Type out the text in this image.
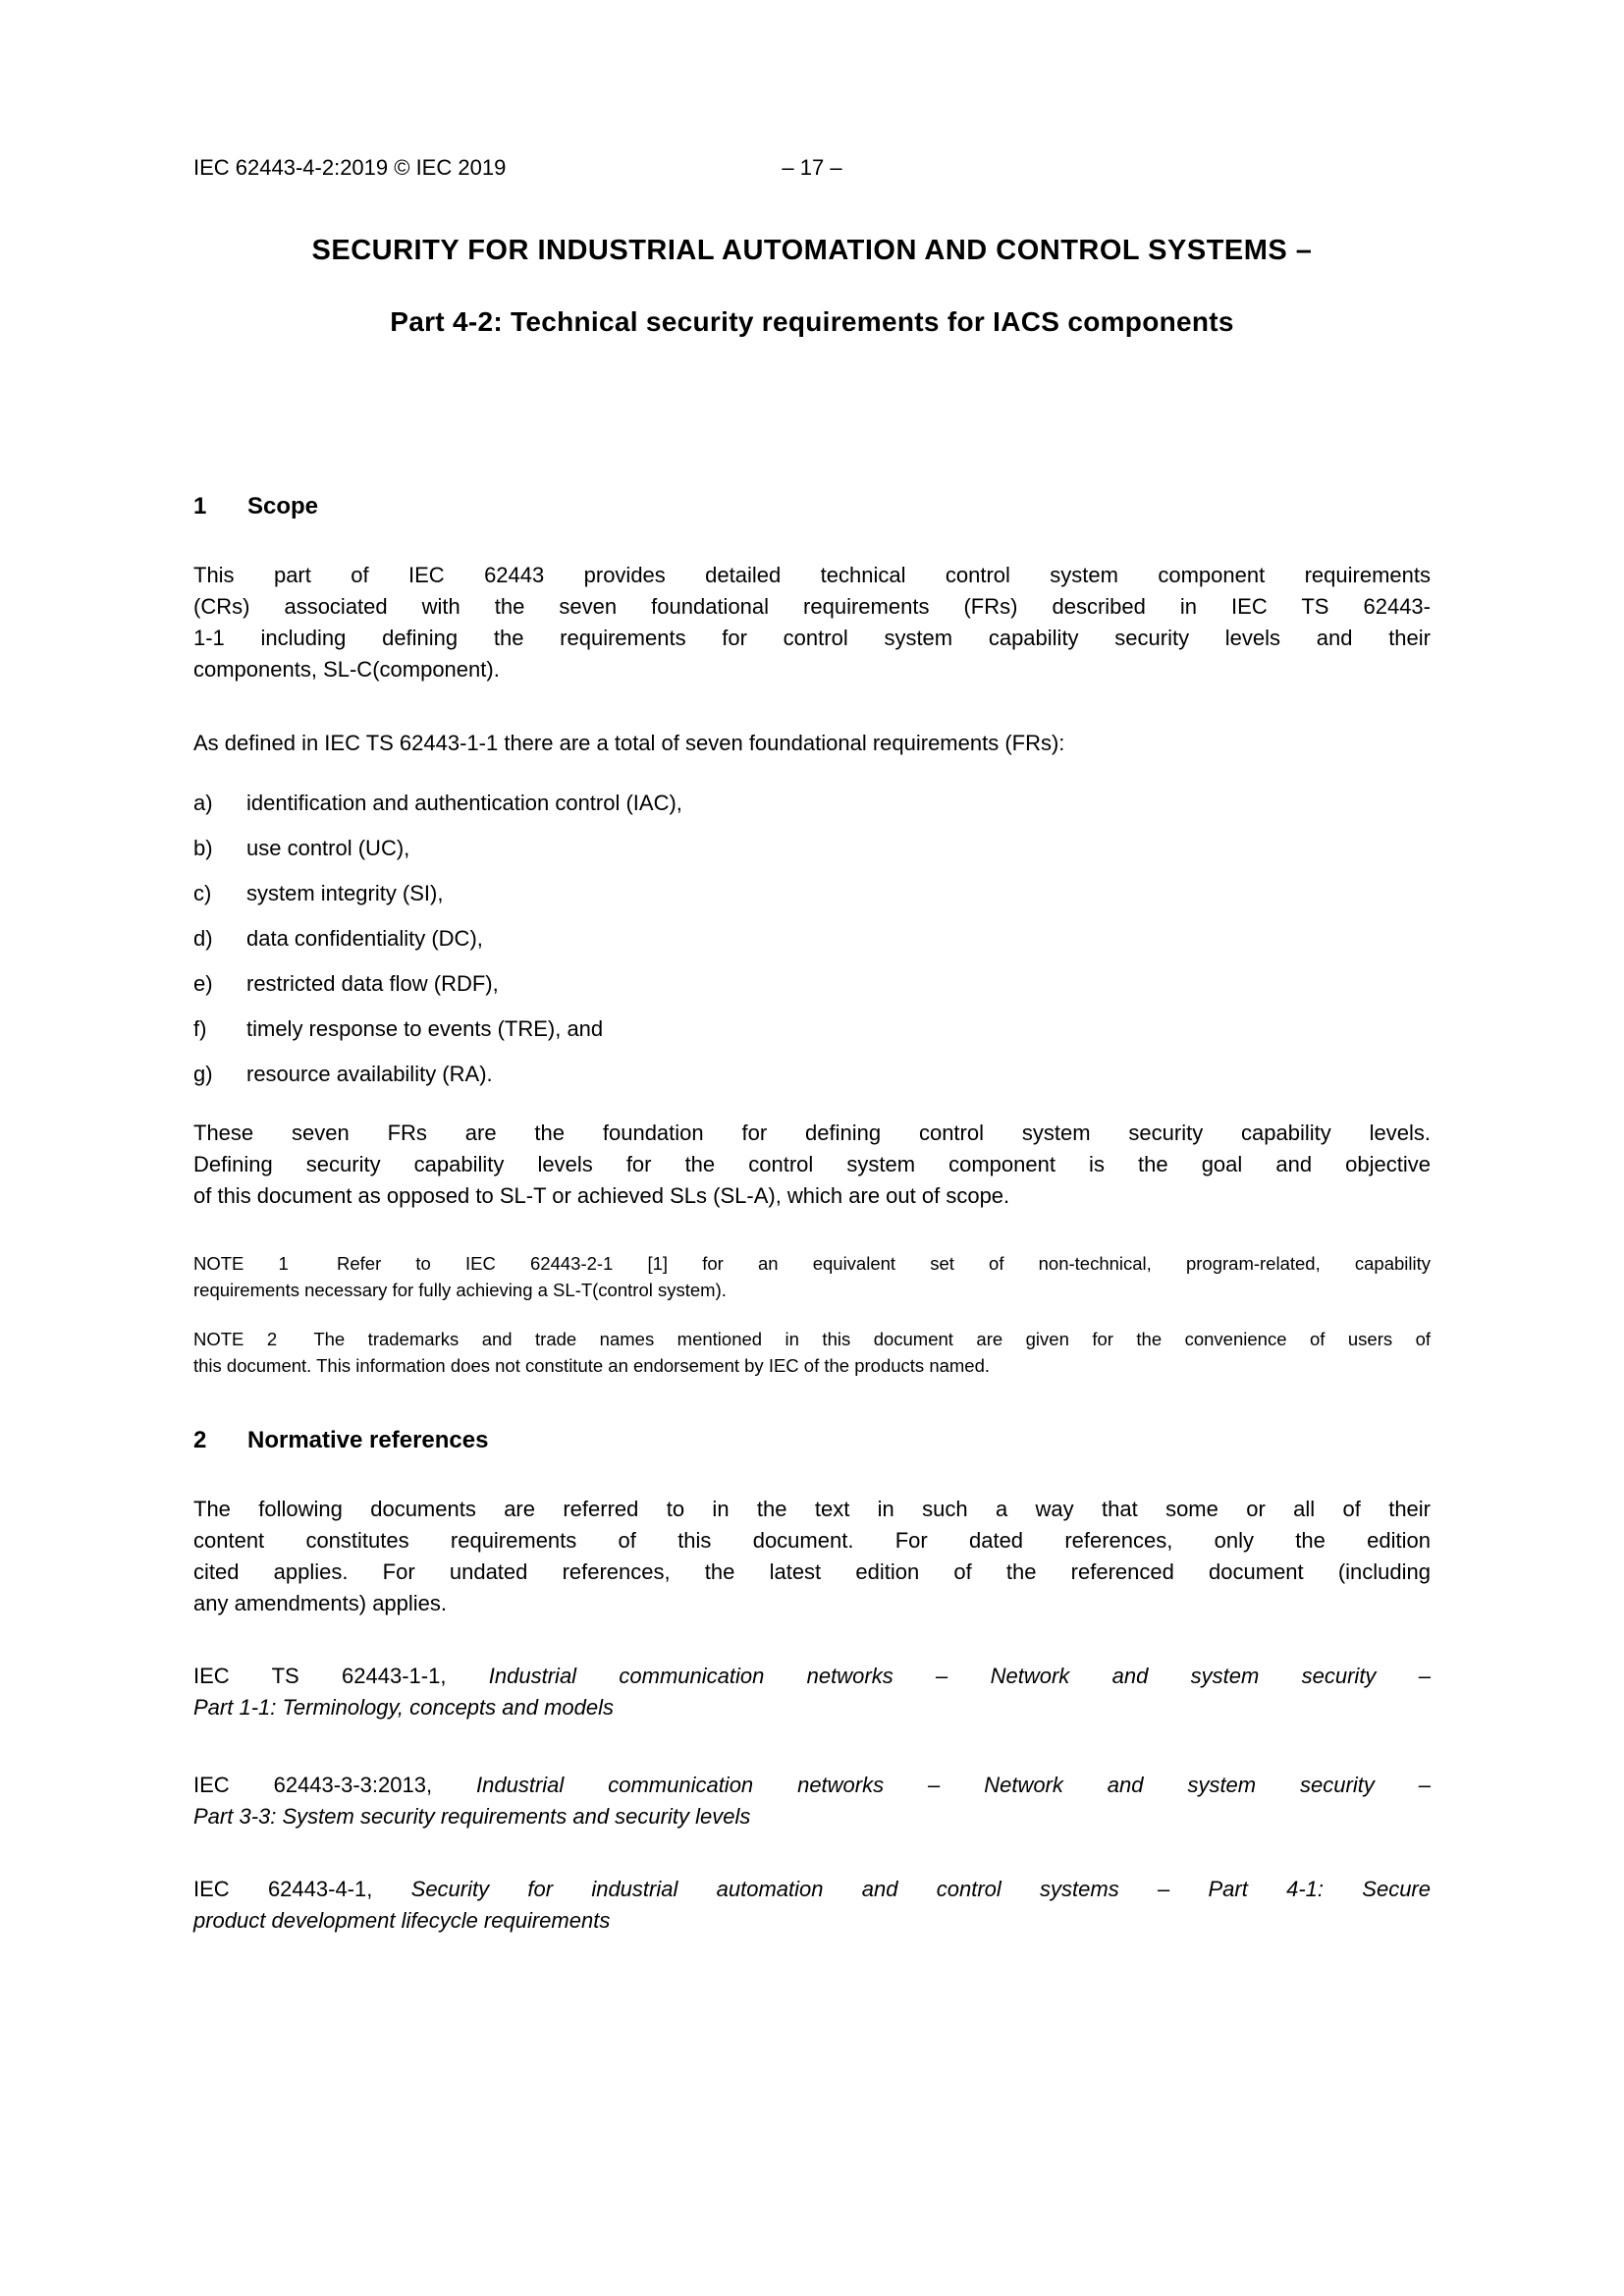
IEC 62443-4-2:2019 © IEC 2019	– 17 –
SECURITY FOR INDUSTRIAL AUTOMATION AND CONTROL SYSTEMS –
Part 4-2: Technical security requirements for IACS components
1 Scope
This part of IEC 62443 provides detailed technical control system component requirements
(CRs) associated with the seven foundational requirements (FRs) described in IEC TS 62443-
1-1 including defining the requirements for control system capability security levels and their
components, SL-C(component).
As defined in IEC TS 62443-1-1 there are a total of seven foundational requirements (FRs):
a)	identification and authentication control (IAC),
b)	use control (UC),
c)	system integrity (SI),
d)	data confidentiality (DC),
e)	restricted data flow (RDF),
f)	timely response to events (TRE), and
g)	resource availability (RA).
These seven FRs are the foundation for defining control system security capability levels.
Defining security capability levels for the control system component is the goal and objective
of this document as opposed to SL-T or achieved SLs (SL-A), which are out of scope.
NOTE 1	Refer to IEC 62443-2-1 [1] for an equivalent set of non-technical, program-related, capability
requirements necessary for fully achieving a SL-T(control system).
NOTE 2 The trademarks and trade names mentioned in this document are given for the convenience of users of
this document. This information does not constitute an endorsement by IEC of the products named.
2 Normative references
The following documents are referred to in the text in such a way that some or all of their
content constitutes requirements of this document. For dated references, only the edition
cited applies. For undated references, the latest edition of the referenced document (including
any amendments) applies.
IEC TS 62443-1-1, Industrial communication networks – Network and system security –
Part 1-1: Terminology, concepts and models
IEC 62443-3-3:2013, Industrial communication networks – Network and system security –
Part 3-3: System security requirements and security levels
IEC 62443-4-1, Security for industrial automation and control systems – Part 4-1: Secure
product development lifecycle requirements
